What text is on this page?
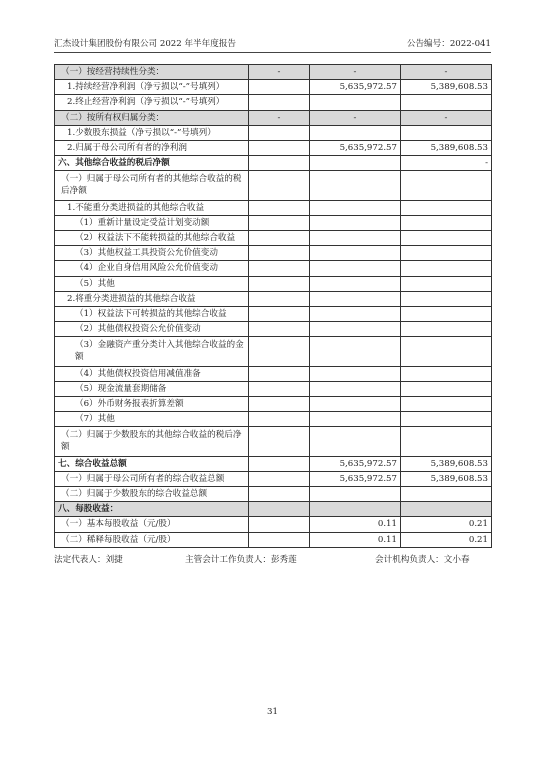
汇杰设计集团股份有限公司 2022 年半年度报告	公告编号：2022-041
（一）按经营持续性分类：	-	-	-
1.持续经营净利润（净亏损以“-”号填列）		5,635,972.57	5,389,608.53
2.终止经营净利润（净亏损以“-”号填列）			
（二）按所有权归属分类：	-	-	-
1.少数股东损益（净亏损以“-”号填列）			
2.归属于母公司所有者的净利润		5,635,972.57	5,389,608.53
六、其他综合收益的税后净额			-
（一）归属于母公司所有者的其他综合收益的税后净额			
1.不能重分类进损益的其他综合收益			
（1）重新计量设定受益计划变动额			
（2）权益法下不能转损益的其他综合收益			
（3）其他权益工具投资公允价值变动			
（4）企业自身信用风险公允价值变动			
（5）其他			
2.将重分类进损益的其他综合收益			
（1）权益法下可转损益的其他综合收益			
（2）其他债权投资公允价值变动			
（3）金融资产重分类计入其他综合收益的金额			
（4）其他债权投资信用减值准备			
（5）现金流量套期储备			
（6）外币财务报表折算差额			
（7）其他			
（二）归属于少数股东的其他综合收益的税后净额			
七、综合收益总额		5,635,972.57	5,389,608.53
（一）归属于母公司所有者的综合收益总额		5,635,972.57	5,389,608.53
（二）归属于少数股东的综合收益总额			
八、每股收益：			
（一）基本每股收益（元/股）		0.11	0.21
（二）稀释每股收益（元/股）		0.11	0.21
法定代表人：刘捷	主管会计工作负责人：彭秀莲	会计机构负责人：文小春
31
